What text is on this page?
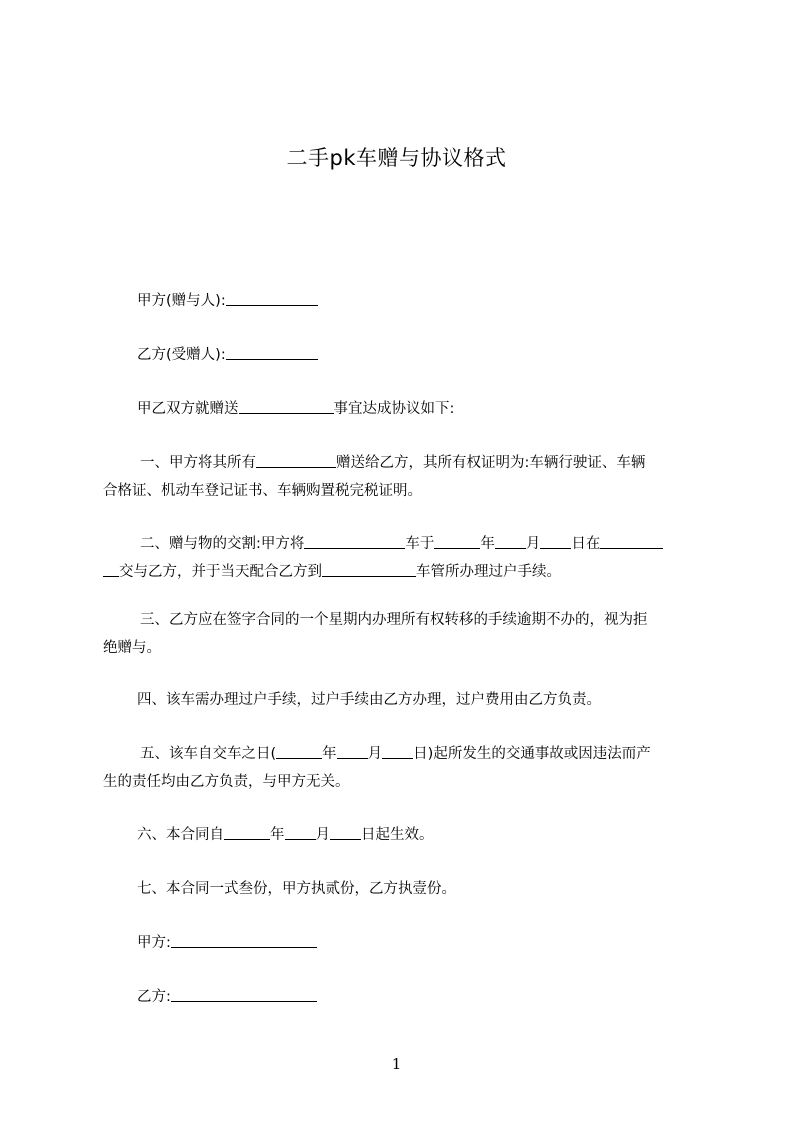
二手pk车赠与协议格式
甲方(赠与人):
乙方(受赠人):
甲乙双方就赠送	事宜达成协议如下:
一、甲方将其所有	赠送给乙方，其所有权证明为:车辆行驶证、车辆
合格证、机动车登记证书、车辆购置税完税证明。
二、赠与物的交割:甲方将	车于	年 月 日在
交与乙方，并于当天配合乙方到	车管所办理过户手续。
三、乙方应在签字合同的一个星期内办理所有权转移的手续逾期不办的，视为拒
绝赠与。
四、该车需办理过户手续，过户手续由乙方办理，过户费用由乙方负责。
五、该车自交车之日(	年 月 日)起所发生的交通事故或因违法而产
生的责任均由乙方负责，与甲方无关。
六、本合同自	年 月 日起生效。
七、本合同一式叁份，甲方执贰份，乙方执壹份。
甲方:
乙方:
1
